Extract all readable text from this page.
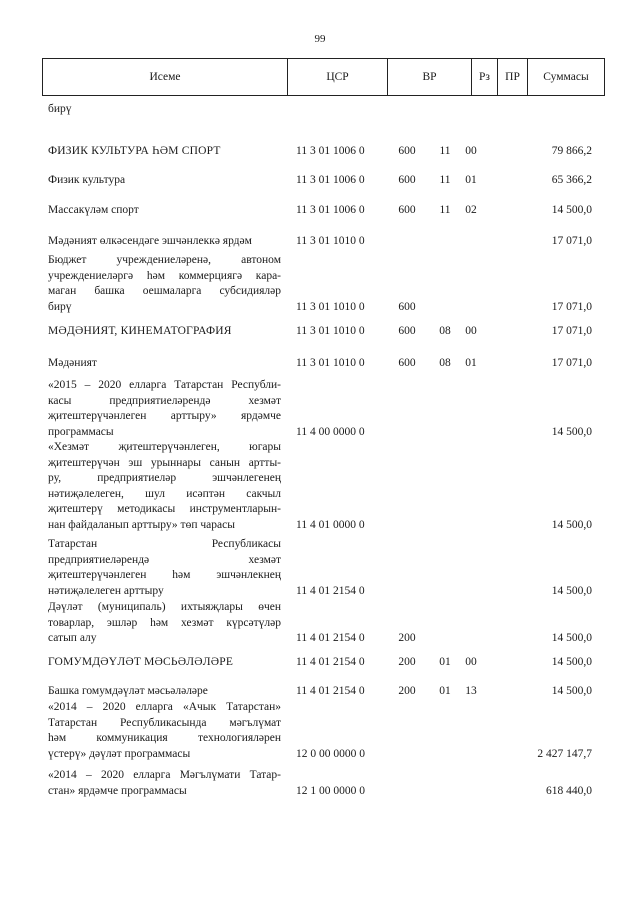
99
Исеме	ЦСР	ВР	Рз	ПР	Суммасы
бирү
ФИЗИК КУЛЬТУРА ҺӘМ СПОРТ	11 3 01 1006 0	600 11 00	79 866,2
Физик культура	11 3 01 1006 0	600 11 01	65 366,2
Массакүләм спорт	11 3 01 1006 0	600 11 02	14 500,0
Мәдәният өлкәсендәге эшчәнлеккә ярдәм	11 3 01 1010 0	17 071,0
Бюджет учреждениеләренә, автоном
учреждениеләргә һәм коммерциягә кара-
маган башка оешмаларга субсидияләр
бирү	11 3 01 1010 0	600	17 071,0
МӘДӘНИЯТ, КИНЕМАТОГРАФИЯ	11 3 01 1010 0	600 08 00	17 071,0
Мәдәният	11 3 01 1010 0	600 08 01	17 071,0
«2015 – 2020 елларга Татарстан Республи-
касы предприятиеләрендә хезмәт
җитештерүчәнлеген арттыру» ярдәмче
программасы	11 4 00 0000 0	14 500,0
«Хезмәт җитештерүчәнлеген, югары
җитештерүчән эш урыннары санын артты-
ру, предприятиеләр эшчәнлегенең
нәтиҗәлелеген, шул исәптән сакчыл
җитештерү методикасы инструментларын-
нан файдаланып арттыру» төп чарасы	11 4 01 0000 0	14 500,0
Татарстан Республикасы
предприятиеләрендә хезмәт
җитештерүчәнлеген һәм эшчәнлекнең
нәтиҗәлелеген арттыру	11 4 01 2154 0	14 500,0
Дәүләт (муниципаль) ихтыяҗлары өчен
товарлар, эшләр һәм хезмәт күрсәтүләр
сатып алу	11 4 01 2154 0	200	14 500,0
ГОМУМДӘҮЛӘТ МӘСЬӘЛӘЛӘРЕ	11 4 01 2154 0	200 01 00	14 500,0
Башка гомумдәүләт мәсьәләләре	11 4 01 2154 0	200 01 13	14 500,0
«2014 – 2020 елларга «Ачык Татарстан»
Татарстан Республикасында мәгълүмат
һәм коммуникация технологияләрен
үстерү» дәүләт программасы	12 0 00 0000 0	2 427 147,7
«2014 – 2020 елларга Мәгълүмати Татар-
стан» ярдәмче программасы	12 1 00 0000 0	618 440,0
